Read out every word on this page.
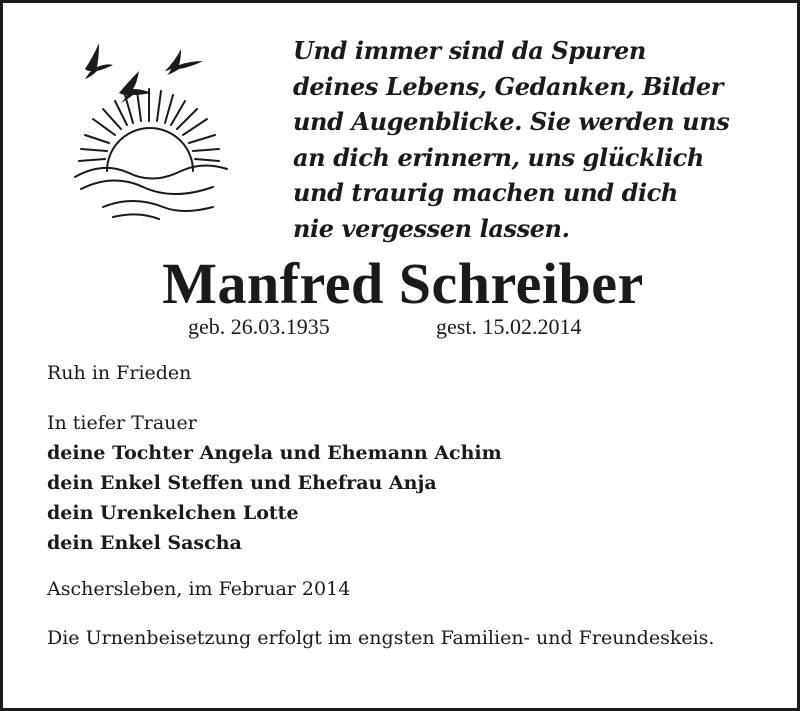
Und immer sind da Spuren
deines Lebens, Gedanken, Bilder
und Augenblicke. Sie werden uns
an dich erinnern, uns glücklich
und traurig machen und dich
nie vergessen lassen.
Manfred Schreiber
geb. 26.03.1935	gest. 15.02.2014
Ruh in Frieden
In tiefer Trauer
deine Tochter Angela und Ehemann Achim
dein Enkel Steffen und Ehefrau Anja
dein Urenkelchen Lotte
dein Enkel Sascha
Aschersleben, im Februar 2014
Die Urnenbeisetzung erfolgt im engsten Familien- und Freundeskeis.
